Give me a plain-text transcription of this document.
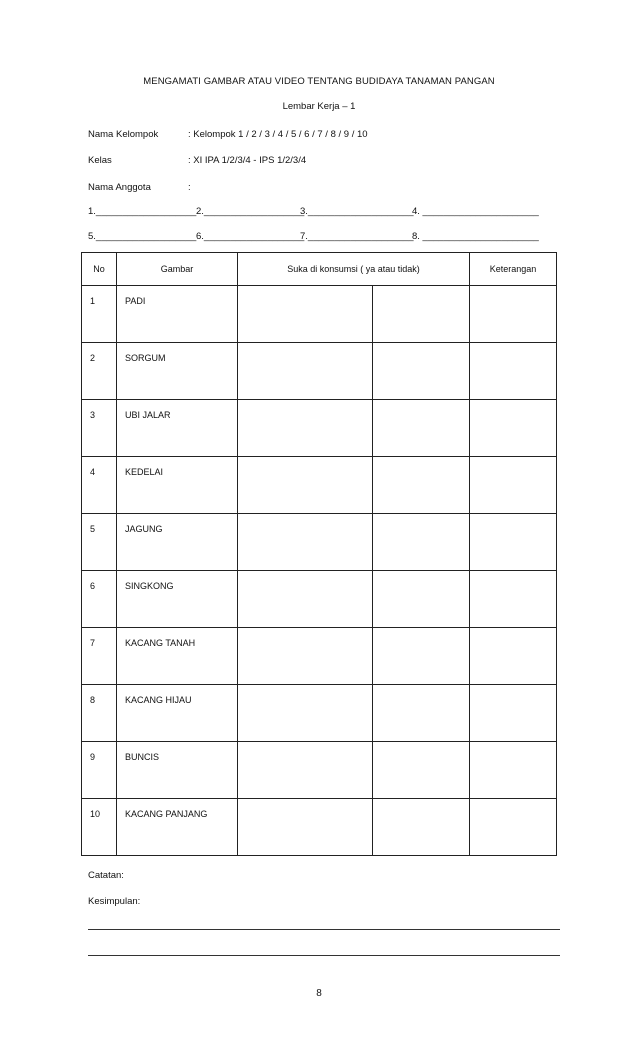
MENGAMATI GAMBAR ATAU VIDEO TENTANG BUDIDAYA TANAMAN PANGAN
Lembar Kerja – 1
Nama Kelompok	: Kelompok 1 / 2 / 3 / 4 / 5 / 6 / 7 / 8 / 9 / 10
Kelas	: XI IPA 1/2/3/4 - IPS 1/2/3/4
Nama Anggota	:
1.___________________ 2.___________________
3.____________________
4. ______________________
5.___________________ 6.___________________
7.____________________
8. ______________________
No	Gambar	Suka di konsumsi ( ya atau tidak)		Keterangan

1	PADI			

2	SORGUM			

3	UBI JALAR			

4	KEDELAI			

5	JAGUNG			

6	SINGKONG			

7	KACANG TANAH			

8	KACANG HIJAU			

9	BUNCIS			

10	KACANG PANJANG			

Catatan:
Kesimpulan:
8
